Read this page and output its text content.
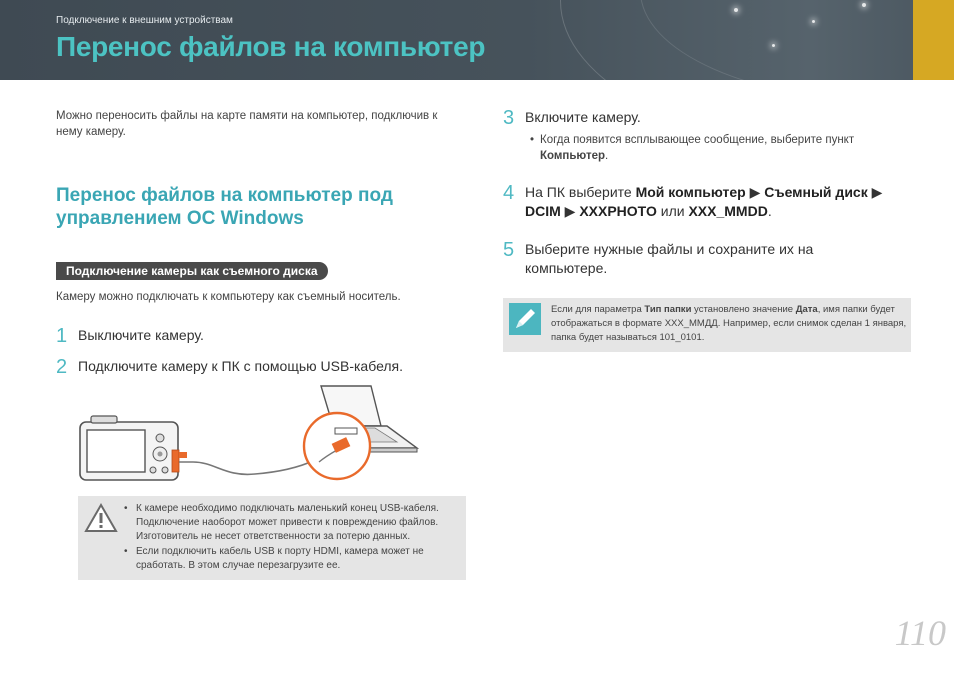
Подключение к внешним устройствам
Перенос файлов на компьютер
Можно переносить файлы на карте памяти на компьютер, подключив к нему камеру.
Перенос файлов на компьютер под управлением ОС Windows
Подключение камеры как съемного диска
Камеру можно подключать к компьютеру как съемный носитель.
1 Выключите камеру.
2 Подключите камеру к ПК с помощью USB-кабеля.
• К камере необходимо подключать маленький конец USB-кабеля. Подключение наоборот может привести к повреждению файлов. Изготовитель не несет ответственности за потерю данных.
• Если подключить кабель USB к порту HDMI, камера может не сработать. В этом случае перезагрузите ее.
3 Включите камеру.
• Когда появится всплывающее сообщение, выберите пункт Компьютер.
4 На ПК выберите Мой компьютер ▶ Съемный диск ▶ DCIM ▶ XXXPHOTO или XXX_MMDD.
5 Выберите нужные файлы и сохраните их на компьютере.
Если для параметра Тип папки установлено значение Дата, имя папки будет отображаться в формате XXX_ММДД. Например, если снимок сделан 1 января, папка будет называться 101_0101.
110
